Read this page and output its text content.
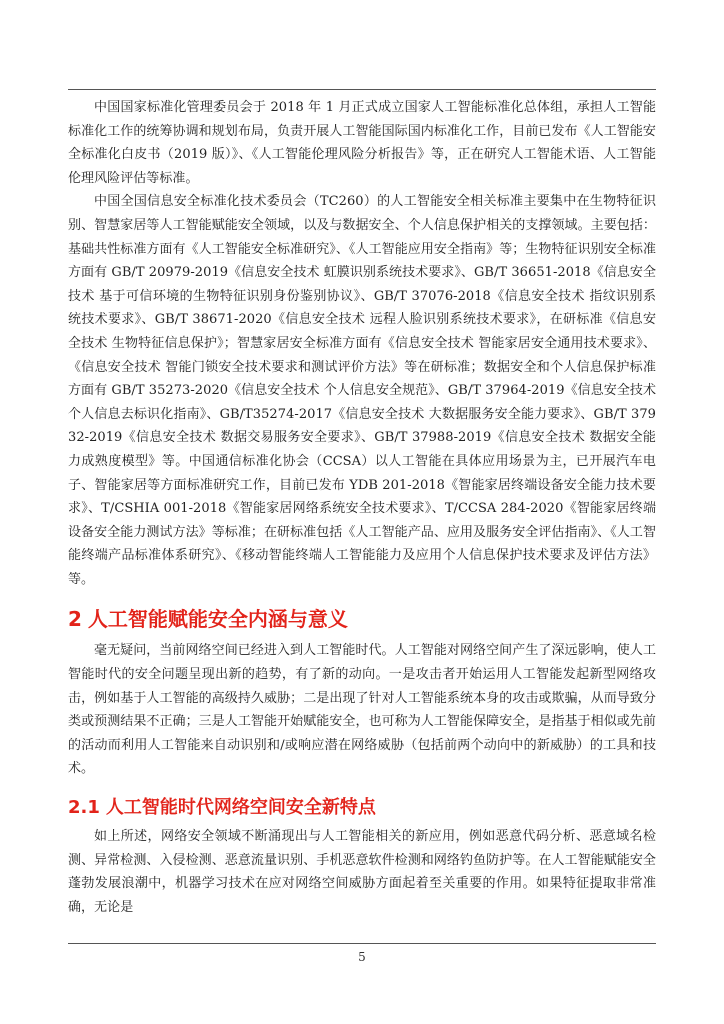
中国国家标准化管理委员会于 2018 年 1 月正式成立国家人工智能标准化总体组，承担人工智能标准化工作的统筹协调和规划布局，负责开展人工智能国际国内标准化工作，目前已发布《人工智能安全标准化白皮书（2019 版）》、《人工智能伦理风险分析报告》等，正在研究人工智能术语、人工智能伦理风险评估等标准。

中国全国信息安全标准化技术委员会（TC260）的人工智能安全相关标准主要集中在生物特征识别、智慧家居等人工智能赋能安全领域，以及与数据安全、个人信息保护相关的支撑领域。主要包括：基础共性标准方面有《人工智能安全标准研究》、《人工智能应用安全指南》等；生物特征识别安全标准方面有 GB/T 20979-2019《信息安全技术 虹膜识别系统技术要求》、GB/T 36651-2018《信息安全技术 基于可信环境的生物特征识别身份鉴别协议》、GB/T 37076-2018《信息安全技术 指纹识别系统技术要求》、GB/T 38671-2020《信息安全技术 远程人脸识别系统技术要求》，在研标准《信息安全技术 生物特征信息保护》；智慧家居安全标准方面有《信息安全技术 智能家居安全通用技术要求》、《信息安全技术 智能门锁安全技术要求和测试评价方法》等在研标准；数据安全和个人信息保护标准方面有 GB/T 35273-2020《信息安全技术 个人信息安全规范》、GB/T 37964-2019《信息安全技术 个人信息去标识化指南》、GB/T35274-2017《信息安全技术 大数据服务安全能力要求》、GB/T 37932-2019《信息安全技术 数据交易服务安全要求》、GB/T 37988-2019《信息安全技术 数据安全能力成熟度模型》等。中国通信标准化协会（CCSA）以人工智能在具体应用场景为主，已开展汽车电子、智能家居等方面标准研究工作，目前已发布 YDB 201-2018《智能家居终端设备安全能力技术要求》、T/CSHIA 001-2018《智能家居网络系统安全技术要求》、T/CCSA 284-2020《智能家居终端设备安全能力测试方法》等标准；在研标准包括《人工智能产品、应用及服务安全评估指南》、《人工智能终端产品标准体系研究》、《移动智能终端人工智能能力及应用个人信息保护技术要求及评估方法》等。

2 人工智能赋能安全内涵与意义

毫无疑问，当前网络空间已经进入到人工智能时代。人工智能对网络空间产生了深远影响，使人工智能时代的安全问题呈现出新的趋势，有了新的动向。一是攻击者开始运用人工智能发起新型网络攻击，例如基于人工智能的高级持久威胁；二是出现了针对人工智能系统本身的攻击或欺骗，从而导致分类或预测结果不正确；三是人工智能开始赋能安全，也可称为人工智能保障安全，是指基于相似或先前的活动而利用人工智能来自动识别和/或响应潜在网络威胁（包括前两个动向中的新威胁）的工具和技术。

2.1 人工智能时代网络空间安全新特点

如上所述，网络安全领域不断涌现出与人工智能相关的新应用，例如恶意代码分析、恶意域名检测、异常检测、入侵检测、恶意流量识别、手机恶意软件检测和网络钓鱼防护等。在人工智能赋能安全蓬勃发展浪潮中，机器学习技术在应对网络空间威胁方面起着至关重要的作用。如果特征提取非常准确，无论是

5
